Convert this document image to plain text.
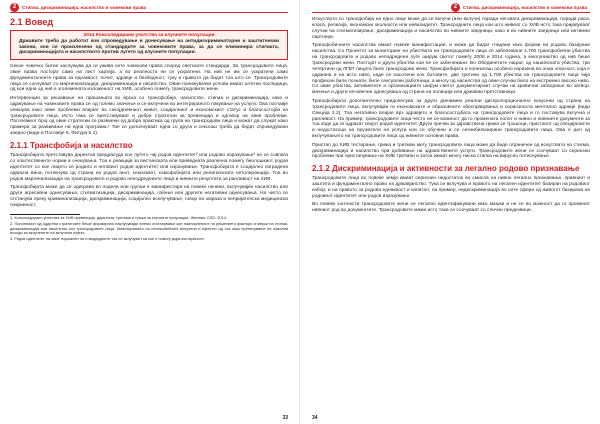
2	Стигма, дискриминација, насилство и човекови права
2.1 Вовед
2014 Консолидирани упатства за клучните популации
Државите треба да работат кон спроведување и донесување на антидискриминаторни и заштитнички закони, кои се произлезени од стандардите за човековите права, за да се елиминира стигмата, дискриминацијата и насилството против лугето од клучните популации.

Секое човечко битие заслужува да ги ужива сите човекови права според светските стандарди. За трансродовите лица, овие права постојат само на лист хартија, а во реалноста ни се ускратени. На нив не им се ускратени само фундаменталните права за еднаквост, почит, здравје и безбедност, туку и правото да бидат тоа што се. Трансродовите лица се соочуваат со маргинализација, дискриминација и насилство. Овие понижувачки услови имаат штетни последици, од кои една од нив е зголемената изложеност на ХИВ, особено помеѓу трансродовите жени.

Интервенции за решавање на прашањата во врска со трансфобија, насилство, стигма и дискриминација, како и одржување на човековите права се од големо значење и се вклучени во интегрираното пакување на услуги. Овa поглавје опишува како овие проблеми влијаат во секојдневниот живот, социјалниот и економскиот статус и благосостојба на трансродовите лица. Исто така се претставуваат и добри стратегии за превенција и одговор на овие проблеми. Поголемиот број од овие стратегии се развиени од добра практика од група на трансродови лица и можат да служат како примери за развивање на една програма.¹ Тие се дополнуваат една со друга и секогаш треба да бидат спроведувани заедно (види и Поглавје 5, Фигура 5.1).

2.1.1 Трансфобија и насилство

Трансфобијата претставува директна предрасуда кон луѓето чиј родов идентитет² или родово изразување³ не се совпаѓа со општествените норми и очекувања. Тоа е реакција за вистинската или приведната различна помеѓу биолошкиот родов идентитет со кое лицето се родило и неговиот родов идентитет или изразување. Трансфобијата е социјално изградена одвисна вина, потекнува од страна на родов анот, сексизмот, хомофобијата или религиозната нетолеранција. Тоа во родов маргинализација на трансродовите и родово неподредените лица и нивните резултати за ранливост на ХИВ.

Трансфобијата може да се одиграва во подели или групни е манифестира на повеќе начини, вклучувајќи насилство или други агресивни однесувања, стигматизација, дискриминација, гаѓење или другите негативни однесувања. На чисто се отстанува преку криминализација, дискриминација, социјално исклучување, говор на омраза и непријателска медицинска покриеност.

1. Консолидирани упатства за ХИВ превенција, дијагноза, третман и грижа за клучните популации. Женева: СЗО; 2014.
2. Поголемиот од одделни стратегиите беше формирано наклучувајќи влемо отстапување кон наинарлениот на решението фактори и мерки на стигма, дискриминација или насилство кон трансродовите лица. Монитирањето на непоколебните вклучени и ефектот од тоа како пренесување на поволни исходи за вклучените на вклучени ефект.
3. Родов идентитет на овие нормален на стандардните тоа се вклучува тоа кое е помеѓу дијагностираните.
33
2	Стигма, дискриминација, насилство и човекови права

Искуството со трансфобија на едно лице може да се вклучи (или вклучи) поради неговата дискриминација, поради раса, класа, религија, економски околности или инвалидитет. Трансродните лица кои што живеат со ХИВ исто така пријавуваат случаи на стигматизирање, дискриминација и насилство во нивните заедници, како и во нивните заедници или интимни партнери.

Трансфобичните насилства имаат повеќе манифестации, и може да бидат гледани како форми на родово базирани насилства. Со Проектот за мониторинг на убиствата на трансродовите лица се забележале 1,700 трансфобични убиства на трансродовите и родово неподредени луѓе ширум светот помеѓу 2008 и 2014 година, а многуништво од нив беше трансродови жени. Постојат и други убиства кои не се забележани. Во Обединетите нации, од нашинската убиства, три четвртини од ЛГБТ лицата биле трансродови жени. Трансфобијата е понекогаш особено изразена во онаа опасност, која е одржана и на исто ниво, каде се насочени кон ботовите, две третини од 1,700 убиства на трансродовите лица чија професии биле познати, биле сексуални работници, а многу од насилства од овие случаи било на екстремно високо ниво. Со овие убиства, актививтите и организациите ширум светот документираат случаи на кривични затворање во затвор, мачење и други нечовечни однесувања од страна на полиција или државни претставници.

Трансфобијата дополнително придонесува за други динамики реални диспропорционално искусени од страна на трансродовите лица, вклучувајќи ги економските и образовните обесправувања и сериозноста ментално здравје (види Секција 2.2). Тоа негативно влијае врз здравјето и благосостојбата на трансродовите лица и го поставува вклучна и ранливост. На пример, трансродовите лица често не се можност да го промената полот и нивно и нивниете документи за тоа каде да ги одразат својот родов идентитет. Други пречки за здравствена грижа се трошоци, пристапот од специјалисти и недостатоци на пружатели на услуги кои се обучени и се сензибилизирани трансродовите лица. Ова е дел од вклучувањето на трансродовите лица од нивните основни права.

Пристап до ХИВ тестирање, грижа и третман меѓу трансродовите лица може да биде ограничен од искуствата на стигма, дискриминација и насилство при добивање на здравствените услуги. Трансродовите жени се соочуваат со сериозни проблеми при пристапување на ХИВ третман и затоа имаат многу ниска стапка на вирусно потиснување.

2.1.2 Дискриминација и активности за легално родово признавање

Трансродовите лица во повеќе земји имаат сериозен недостаток во смисла на нивно легално признавање, правниот и заштита и фундаментално право на државјанство. Тука се вклучува и правото на легален идентитет базиран на родовиот избор, и на правото за родова еднаквост и капитал, на пример, недискриминација во сите сфери од животот базирана на родовиот идентитет или родов изразување.

Во повеќе контексти трансродовите жени се легално идентификувани како машки и не се во можност да го променат нивниот род во документите. Трансродовите мажи исто така се соочуваат со слични предизвици.

34
